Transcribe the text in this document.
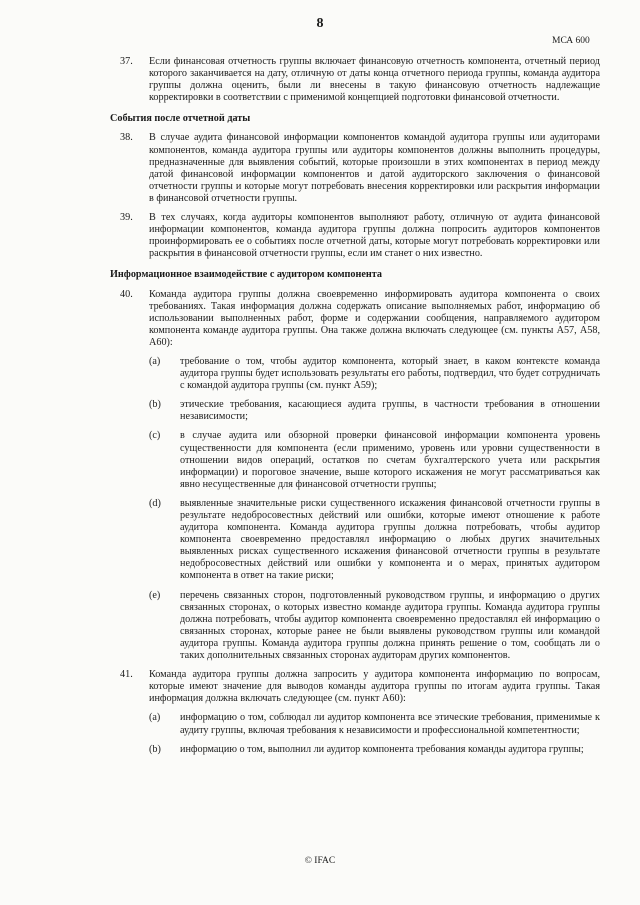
8
МСА 600
37. Если финансовая отчетность группы включает финансовую отчетность компонента, отчетный период которого заканчивается на дату, отличную от даты конца отчетного периода группы, команда аудитора группы должна оценить, были ли внесены в такую финансовую отчетность надлежащие корректировки в соответствии с применимой концепцией подготовки финансовой отчетности.
События после отчетной даты
38. В случае аудита финансовой информации компонентов командой аудитора группы или аудиторами компонентов, команда аудитора группы или аудиторы компонентов должны выполнить процедуры, предназначенные для выявления событий, которые произошли в этих компонентах в период между датой финансовой информации компонентов и датой аудиторского заключения о финансовой отчетности группы и которые могут потребовать внесения корректировки или раскрытия информации в финансовой отчетности группы.
39. В тех случаях, когда аудиторы компонентов выполняют работу, отличную от аудита финансовой информации компонентов, команда аудитора группы должна попросить аудиторов компонентов проинформировать ее о событиях после отчетной даты, которые могут потребовать корректировки или раскрытия в финансовой отчетности группы, если им станет о них известно.
Информационное взаимодействие с аудитором компонента
40. Команда аудитора группы должна своевременно информировать аудитора компонента о своих требованиях. Такая информация должна содержать описание выполняемых работ, информацию об использовании выполненных работ, форме и содержании сообщения, направляемого аудитором компонента команде аудитора группы. Она также должна включать следующее (см. пункты А57, А58, А60):
(a) требование о том, чтобы аудитор компонента, который знает, в каком контексте команда аудитора группы будет использовать результаты его работы, подтвердил, что будет сотрудничать с командой аудитора группы (см. пункт А59);
(b) этические требования, касающиеся аудита группы, в частности требования в отношении независимости;
(c) в случае аудита или обзорной проверки финансовой информации компонента уровень существенности для компонента (если применимо, уровень или уровни существенности в отношении видов операций, остатков по счетам бухгалтерского учета или раскрытия информации) и пороговое значение, выше которого искажения не могут рассматриваться как явно несущественные для финансовой отчетности группы;
(d) выявленные значительные риски существенного искажения финансовой отчетности группы в результате недобросовестных действий или ошибки, которые имеют отношение к работе аудитора компонента. Команда аудитора группы должна потребовать, чтобы аудитор компонента своевременно предоставлял информацию о любых других значительных выявленных рисках существенного искажения финансовой отчетности группы в результате недобросовестных действий или ошибки у компонента и о мерах, принятых аудитором компонента в ответ на такие риски;
(e) перечень связанных сторон, подготовленный руководством группы, и информацию о других связанных сторонах, о которых известно команде аудитора группы. Команда аудитора группы должна потребовать, чтобы аудитор компонента своевременно предоставлял ей информацию о связанных сторонах, которые ранее не были выявлены руководством группы или командой аудитора группы. Команда аудитора группы должна принять решение о том, сообщать ли о таких дополнительных связанных сторонах аудиторам других компонентов.
41. Команда аудитора группы должна запросить у аудитора компонента информацию по вопросам, которые имеют значение для выводов команды аудитора группы по итогам аудита группы. Такая информация должна включать следующее (см. пункт А60):
(a) информацию о том, соблюдал ли аудитор компонента все этические требования, применимые к аудиту группы, включая требования к независимости и профессиональной компетентности;
(b) информацию о том, выполнил ли аудитор компонента требования команды аудитора группы;
© IFAC
